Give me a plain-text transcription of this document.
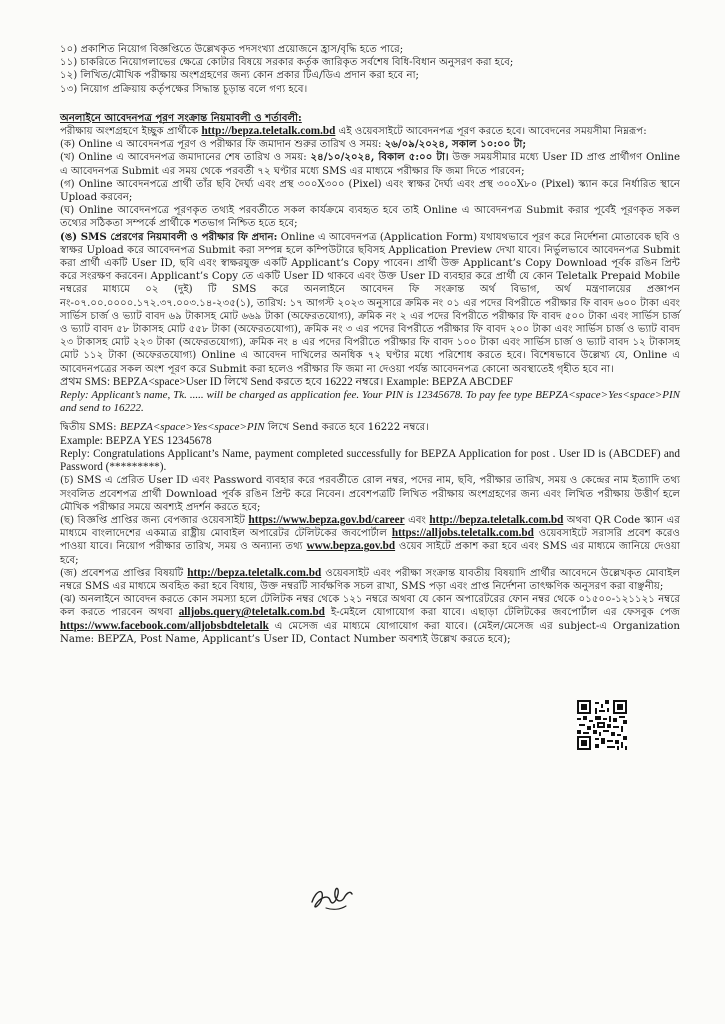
১০) প্রকাশিত নিয়োগ বিজ্ঞপ্তিতে উল্লেখকৃত পদসংখ্যা প্রয়োজনে হ্রাস/বৃদ্ধি হতে পারে;

১১) চাকরিতে নিয়োগলাভের ক্ষেত্রে কোটার বিষয়ে সরকার কর্তৃক জারিকৃত সর্বশেষ বিধি-বিধান অনুসরণ করা হবে;

১২) লিখিত/মৌখিক পরীক্ষায় অংশগ্রহণের জন্য কোন প্রকার টিএ/ডিএ প্রদান করা হবে না;

১৩) নিয়োগ প্রক্রিয়ায় কর্তৃপক্ষের সিদ্ধান্ত চূড়ান্ত বলে গণ্য হবে।

অনলাইনে আবেদনপত্র পূরণ সংক্রান্ত নিয়মাবলী ও শর্তাবলী:

পরীক্ষায় অংশগ্রহণে ইচ্ছুক প্রার্থীকে http://bepza.teletalk.com.bd এই ওয়েবসাইটে আবেদনপত্র পূরণ করতে হবে। আবেদনের সময়সীমা নিম্নরূপ:

(ক) Online এ আবেদনপত্র পূরণ ও পরীক্ষার ফি জমাদান শুরুর তারিখ ও সময়: ২৬/০৯/২০২৪, সকাল ১০:০০ টা;

(খ) Online এ আবেদনপত্র জমাদানের শেষ তারিখ ও সময়: ২৪/১০/২০২৪, বিকাল ৫:০০ টা। উক্ত সময়সীমার মধ্যে User ID প্রাপ্ত প্রার্থীগণ Online এ আবেদনপত্র Submit এর সময় থেকে পরবর্তী ৭২ ঘণ্টার মধ্যে SMS এর মাধ্যমে পরীক্ষার ফি জমা দিতে পারবেন;

(গ) Online আবেদনপত্রে প্রার্থী তাঁর ছবি দৈর্ঘ্য এবং প্রস্থ ৩০০X৩০০ (Pixel) এবং স্বাক্ষর দৈর্ঘ্য এবং প্রস্থ ৩০০X৮০ (Pixel) স্ক্যান করে নির্ধারিত স্থানে Upload করবেন;

(ঘ) Online আবেদনপত্রে পূরণকৃত তথ্যই পরবর্তীতে সকল কার্যক্রমে ব্যবহৃত হবে তাই Online এ আবেদনপত্র Submit করার পূর্বেই পূরণকৃত সকল তথ্যের সঠিকতা সম্পর্কে প্রার্থীকে শতভাগ নিশ্চিত হতে হবে;

(ঙ) SMS প্রেরণের নিয়মাবলী ও পরীক্ষার ফি প্রদান: Online এ আবেদনপত্র (Application Form) যথাযথভাবে পূরণ করে নির্দেশনা মোতাবেক ছবি ও স্বাক্ষর Upload করে আবেদনপত্র Submit করা সম্পন্ন হলে কম্পিউটারে ছবিসহ Application Preview দেখা যাবে। নির্ভুলভাবে আবেদনপত্র Submit করা প্রার্থী একটি User ID, ছবি এবং স্বাক্ষরযুক্ত একটি Applicant’s Copy পাবেন। প্রার্থী উক্ত Applicant’s Copy Download পূর্বক রঙিন প্রিন্ট করে সংরক্ষণ করবেন। Applicant’s Copy তে একটি User ID থাকবে এবং উক্ত User ID ব্যবহার করে প্রার্থী যে কোন Teletalk Prepaid Mobile নম্বরের মাধ্যমে ০২ (দুই) টি SMS করে অনলাইনে আবেদন ফি সংক্রান্ত অর্থ বিভাগ, অর্থ মন্ত্রণালয়ের প্রজ্ঞাপন নং-০৭.০০.০০০০.১৭২.৩৭.০০৩.১৪-২৩৫(১), তারিখ: ১৭ আগস্ট ২০২৩ অনুসারে ক্রমিক নং ০১ এর পদের বিপরীতে পরীক্ষার ফি বাবদ ৬০০ টাকা এবং সার্ভিস চার্জ ও ভ্যাট বাবদ ৬৯ টাকাসহ মোট ৬৬৯ টাকা (অফেরতযোগ্য), ক্রমিক নং ২ এর পদের বিপরীতে পরীক্ষার ফি বাবদ ৫০০ টাকা এবং সার্ভিস চার্জ ও ভ্যাট বাবদ ৫৮ টাকাসহ মোট ৫৫৮ টাকা (অফেরতযোগ্য), ক্রমিক নং ৩ এর পদের বিপরীতে পরীক্ষার ফি বাবদ ২০০ টাকা এবং সার্ভিস চার্জ ও ভ্যাট বাবদ ২৩ টাকাসহ মোট ২২৩ টাকা (অফেরতযোগ্য), ক্রমিক নং ৪ এর পদের বিপরীতে পরীক্ষার ফি বাবদ ১০০ টাকা এবং সার্ভিস চার্জ ও ভ্যাট বাবদ ১২ টাকাসহ মোট ১১২ টাকা (অফেরতযোগ্য) Online এ আবেদন দাখিলের অনধিক ৭২ ঘণ্টার মধ্যে পরিশোধ করতে হবে। বিশেষভাবে উল্লেখ্য যে, Online এ আবেদনপত্রের সকল অংশ পূরণ করে Submit করা হলেও পরীক্ষার ফি জমা না দেওয়া পর্যন্ত আবেদনপত্র কোনো অবস্থাতেই গৃহীত হবে না।

প্রথম SMS: BEPZA<space>User ID লিখে Send করতে হবে 16222 নম্বরে। Example: BEPZA ABCDEF

Reply: Applicant’s name, Tk. ..... will be charged as application fee. Your PIN is 12345678. To pay fee type BEPZA<space>Yes<space>PIN and send to 16222.

দ্বিতীয় SMS: BEPZA<space>Yes<space>PIN লিখে Send করতে হবে 16222 নম্বরে।

Example: BEPZA YES 12345678

Reply: Congratulations Applicant’s Name, payment completed successfully for BEPZA Application for post . User ID is (ABCDEF) and Password (*********).

(চ) SMS এ প্রেরিত User ID এবং Password ব্যবহার করে পরবর্তীতে রোল নম্বর, পদের নাম, ছবি, পরীক্ষার তারিখ, সময় ও কেন্দ্রের নাম ইত্যাদি তথ্য সংবলিত প্রবেশপত্র প্রার্থী Download পূর্বক রঙিন প্রিন্ট করে নিবেন। প্রবেশপত্রটি লিখিত পরীক্ষায় অংশগ্রহণের জন্য এবং লিখিত পরীক্ষায় উত্তীর্ণ হলে মৌখিক পরীক্ষার সময়ে অবশ্যই প্রদর্শন করতে হবে;

(ছ) বিজ্ঞপ্তি প্রাপ্তির জন্য বেপজার ওয়েবসাইট https://www.bepza.gov.bd/career এবং http://bepza.teletalk.com.bd অথবা QR Code স্ক্যান এর মাধ্যমে বাংলাদেশের একমাত্র রাষ্ট্রীয় মোবাইল অপারেটর টেলিটকের জবপোর্টাল https://alljobs.teletalk.com.bd ওয়েবসাইটে সরাসরি প্রবেশ করেও পাওয়া যাবে। নিয়োগ পরীক্ষার তারিখ, সময় ও অন্যান্য তথ্য www.bepza.gov.bd ওয়েব সাইটে প্রকাশ করা হবে এবং SMS এর মাধ্যমে জানিয়ে দেওয়া হবে;

(জ) প্রবেশপত্র প্রাপ্তির বিষয়টি http://bepza.teletalk.com.bd ওয়েবসাইট এবং পরীক্ষা সংক্রান্ত যাবতীয় বিষয়াদি প্রার্থীর আবেদনে উল্লেখকৃত মোবাইল নম্বরে SMS এর মাধ্যমে অবহিত করা হবে বিধায়, উক্ত নম্বরটি সার্বক্ষণিক সচল রাখা, SMS পড়া এবং প্রাপ্ত নির্দেশনা তাৎক্ষণিক অনুসরণ করা বাঞ্ছনীয়;

(ঝ) অনলাইনে আবেদন করতে কোন সমস্যা হলে টেলিটক নম্বর থেকে ১২১ নম্বরে অথবা যে কোন অপারেটরের ফোন নম্বর থেকে ০১৫০০-১২১১২১ নম্বরে কল করতে পারবেন অথবা alljobs.query@teletalk.com.bd ই-মেইলে যোগাযোগ করা যাবে। এছাড়া টেলিটকের জবপোর্টাল এর ফেসবুক পেজ https://www.facebook.com/alljobsbdteletalk এ মেসেজ এর মাধ্যমে যোগাযোগ করা যাবে। (মেইল/মেসেজ এর subject-এ Organization Name: BEPZA, Post Name, Applicant’s User ID, Contact Number অবশ্যই উল্লেখ করতে হবে);
